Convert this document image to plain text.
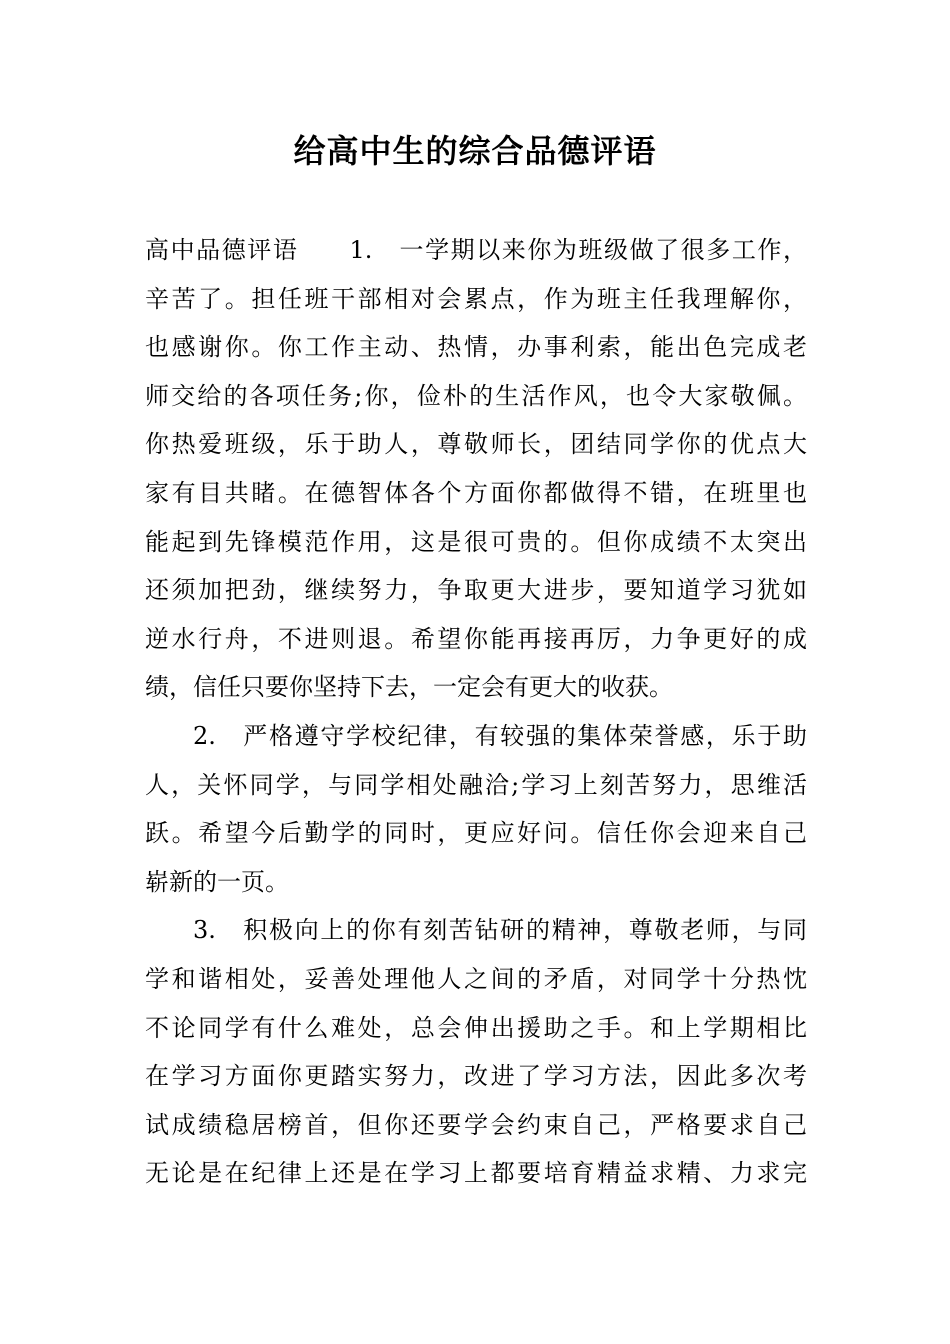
给高中生的综合品德评语
高中品德评语　　1.　一学期以来你为班级做了很多工作，
辛苦了。担任班干部相对会累点，作为班主任我理解你，
也感谢你。你工作主动、热情，办事利索，能出色完成老
师交给的各项任务;你，俭朴的生活作风，也令大家敬佩。
你热爱班级，乐于助人，尊敬师长，团结同学你的优点大
家有目共睹。在德智体各个方面你都做得不错，在班里也
能起到先锋模范作用，这是很可贵的。但你成绩不太突出
还须加把劲，继续努力，争取更大进步，要知道学习犹如
逆水行舟，不进则退。希望你能再接再厉，力争更好的成
绩，信任只要你坚持下去，一定会有更大的收获。
2.　严格遵守学校纪律，有较强的集体荣誉感，乐于助
人，关怀同学，与同学相处融洽;学习上刻苦努力，思维活
跃。希望今后勤学的同时，更应好问。信任你会迎来自己
崭新的一页。
3.　积极向上的你有刻苦钻研的精神，尊敬老师，与同
学和谐相处，妥善处理他人之间的矛盾，对同学十分热忱
不论同学有什么难处，总会伸出援助之手。和上学期相比
在学习方面你更踏实努力，改进了学习方法，因此多次考
试成绩稳居榜首，但你还要学会约束自己，严格要求自己
无论是在纪律上还是在学习上都要培育精益求精、力求完
